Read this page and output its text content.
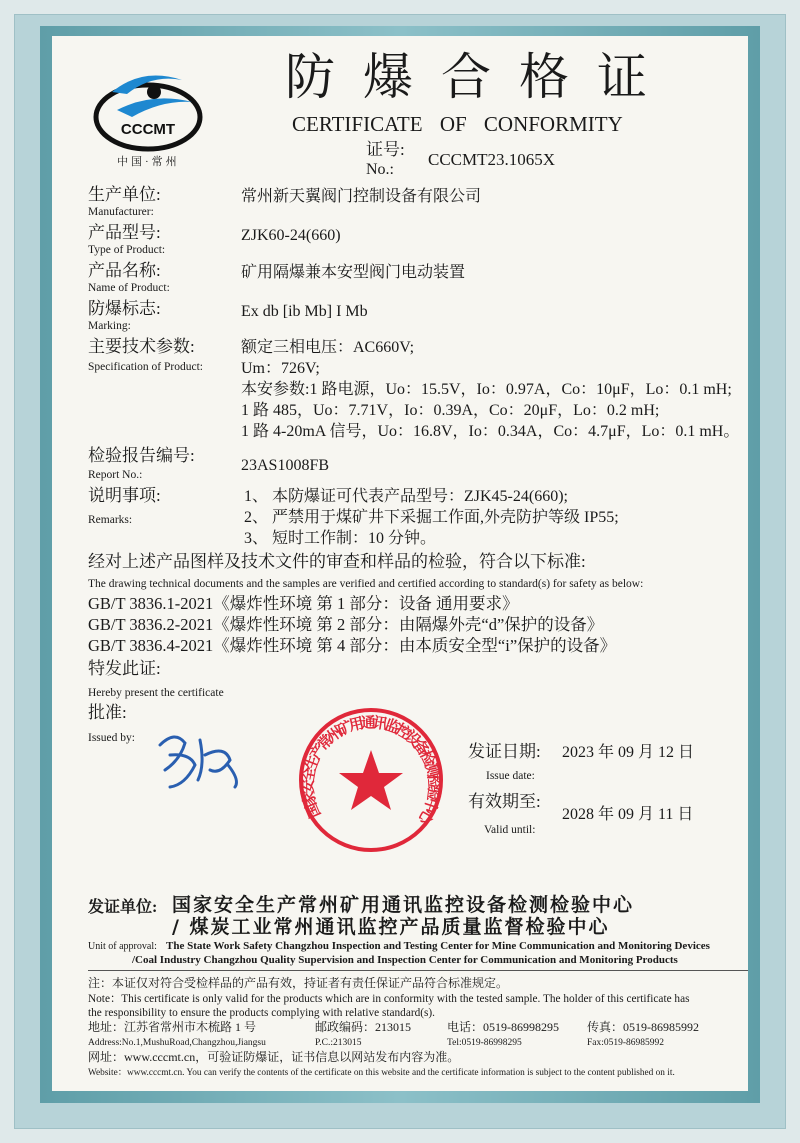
CCCMT
中国·常州
防爆合格证
CERTIFICATE OF CONFORMITY
证号:
No.:
CCCMT23.1065X
生产单位:
Manufacturer:
常州新天翼阀门控制设备有限公司
产品型号:
Type of Product:
ZJK60-24(660)
产品名称:
Name of Product:
矿用隔爆兼本安型阀门电动装置
防爆标志:
Marking:
Ex db [ib Mb] I Mb
主要技术参数:
Specification of Product:
额定三相电压：AC660V;
Um：726V;
本安参数:1 路电源，Uo：15.5V，Io：0.97A，Co：10μF，Lo：0.1 mH;
1 路 485，Uo：7.71V，Io：0.39A，Co：20μF，Lo：0.2 mH;
1 路 4-20mA 信号，Uo：16.8V，Io：0.34A，Co：4.7μF，Lo：0.1 mH。
检验报告编号:
Report No.:
23AS1008FB
说明事项:
Remarks:
1、 本防爆证可代表产品型号：ZJK45-24(660);
2、 严禁用于煤矿井下采掘工作面,外壳防护等级 IP55;
3、 短时工作制：10 分钟。
经对上述产品图样及技术文件的审查和样品的检验，符合以下标准:
The drawing technical documents and the samples are verified and certified according to standard(s) for safety as below:
GB/T 3836.1-2021《爆炸性环境 第 1 部分：设备 通用要求》
GB/T 3836.2-2021《爆炸性环境 第 2 部分：由隔爆外壳“d”保护的设备》
GB/T 3836.4-2021《爆炸性环境 第 4 部分：由本质安全型“i”保护的设备》
特发此证:
Hereby present the certificate
批准:
Issued by:
国家安全生产常州矿用通讯监控设备检测检验中心
发证日期:
Issue date:
2023 年 09 月 12 日
有效期至:
Valid until:
2028 年 09 月 11 日
发证单位: 国家安全生产常州矿用通讯监控设备检测检验中心
/ 煤炭工业常州通讯监控产品质量监督检验中心
Unit of approval: The State Work Safety Changzhou Inspection and Testing Center for Mine Communication and Monitoring Devices
/Coal Industry Changzhou Quality Supervision and Inspection Center for Communication and Monitoring Products
注：本证仅对符合受检样品的产品有效，持证者有责任保证产品符合标准规定。
Note：This certificate is only valid for the products which are in conformity with the tested sample. The holder of this certificate has
the responsibility to ensure the products complying with relative standard(s).
地址：江苏省常州市木梳路 1 号	邮政编码：213015	电话：0519-86998295 传真：0519-86985992
Address:No.1,MushuRoad,Changzhou,Jiangsu	P.C.:213015	Tel:0519-86998295	Fax:0519-86985992
网址：www.cccmt.cn，可验证防爆证，证书信息以网站发布内容为准。
Website：www.cccmt.cn. You can verify the contents of the certificate on this website and the certificate information is subject to the content published on it.
